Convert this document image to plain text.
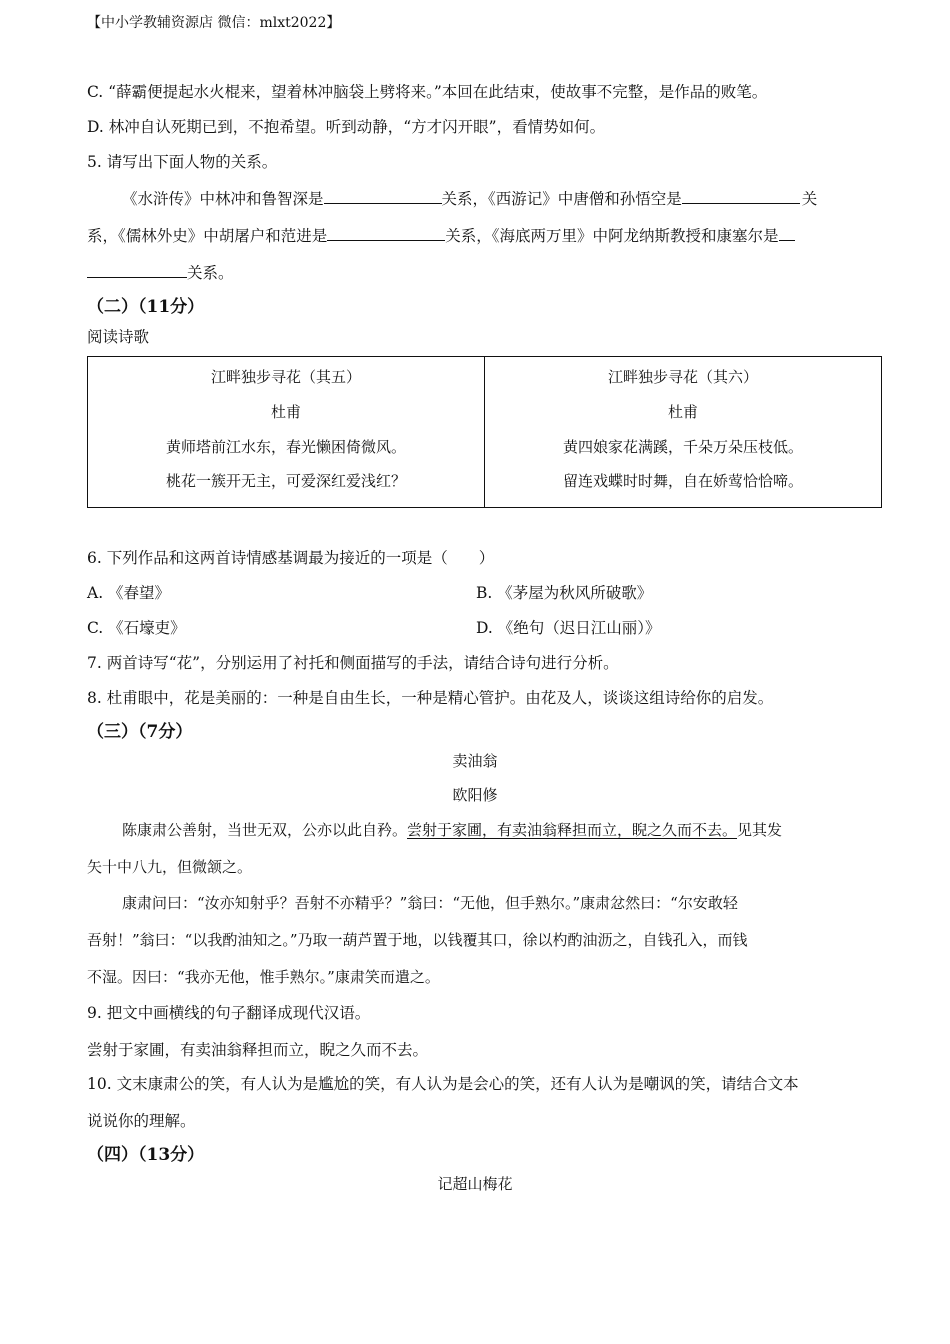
【中小学教辅资源店 微信：mlxt2022】
C. “薛霸便提起水火棍来，望着林冲脑袋上劈将来。”本回在此结束，使故事不完整，是作品的败笔。
D. 林冲自认死期已到，不抱希望。听到动静，“方才闪开眼”，看情势如何。
5. 请写出下面人物的关系。
《水浒传》中林冲和鲁智深是	关系，《西游记》中唐僧和孙悟空是	关
系，《儒林外史》中胡屠户和范进是	关系，《海底两万里》中阿龙纳斯教授和康塞尔是
关系。
（二）（11分）
阅读诗歌
江畔独步寻花（其五）
杜甫
黄师塔前江水东，春光懒困倚微风。
桃花一簇开无主，可爱深红爱浅红？
江畔独步寻花（其六）
杜甫
黄四娘家花满蹊，千朵万朵压枝低。
留连戏蝶时时舞，自在娇莺恰恰啼。
6. 下列作品和这两首诗情感基调最为接近的一项是（　　）
A. 《春望》	B. 《茅屋为秋风所破歌》
C. 《石壕吏》	D. 《绝句（迟日江山丽）》
7. 两首诗写“花”，分别运用了衬托和侧面描写的手法，请结合诗句进行分析。
8. 杜甫眼中，花是美丽的：一种是自由生长，一种是精心管护。由花及人，谈谈这组诗给你的启发。
（三）（7分）
卖油翁
欧阳修
陈康肃公善射，当世无双，公亦以此自矜。尝射于家圃，有卖油翁释担而立，睨之久而不去。见其发
矢十中八九，但微颔之。
康肃问曰：“汝亦知射乎？吾射不亦精乎？”翁曰：“无他，但手熟尔。”康肃忿然曰：“尔安敢轻
吾射！”翁曰：“以我酌油知之。”乃取一葫芦置于地，以钱覆其口，徐以杓酌油沥之，自钱孔入，而钱
不湿。因曰：“我亦无他，惟手熟尔。”康肃笑而遣之。
9. 把文中画横线的句子翻译成现代汉语。
尝射于家圃，有卖油翁释担而立，睨之久而不去。
10. 文末康肃公的笑，有人认为是尴尬的笑，有人认为是会心的笑，还有人认为是嘲讽的笑，请结合文本
说说你的理解。
（四）（13分）
记超山梅花
